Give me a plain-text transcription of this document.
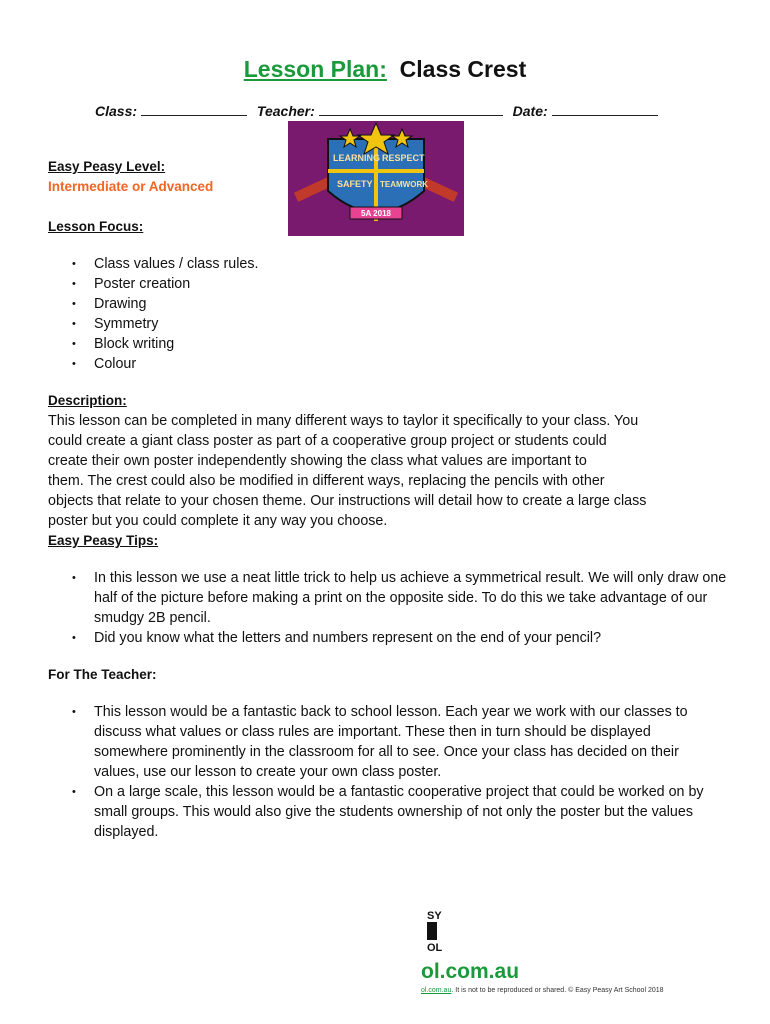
Lesson Plan: Class Crest
Class:	Teacher:	Date:
LEARNING RESPECT
SAFETY TEAMWORK
5A 2018
Easy Peasy Level:
Intermediate or Advanced
Lesson Focus:
• Class values / class rules.
• Poster creation
• Drawing
• Symmetry
• Block writing
• Colour
Description:
This lesson can be completed in many different ways to taylor it specifically to your class. You
could create a giant class poster as part of a cooperative group project or students could
create their own poster independently showing the class what values are important to
them. The crest could also be modified in different ways, replacing the pencils with other
objects that relate to your chosen theme. Our instructions will detail how to create a large class
poster but you could complete it any way you choose.
Easy Peasy Tips:
• In this lesson we use a neat little trick to help us achieve a symmetrical result. We will only draw one half of the picture before making a print on the opposite side. To do this we take advantage of our smudgy 2B pencil.
• Did you know what the letters and numbers represent on the end of your pencil?
For The Teacher:
• This lesson would be a fantastic back to school lesson. Each year we work with our classes to discuss what values or class rules are important. These then in turn should be displayed somewhere prominently in the classroom for all to see. Once your class has decided on their values, use our lesson to create your own class poster.
• On a large scale, this lesson would be a fantastic cooperative project that could be worked on by small groups. This would also give the students ownership of not only the poster but the values displayed.
SY
OL
ol.com.au
ol.com.au. It is not to be reproduced or shared. © Easy Peasy Art School 2018
